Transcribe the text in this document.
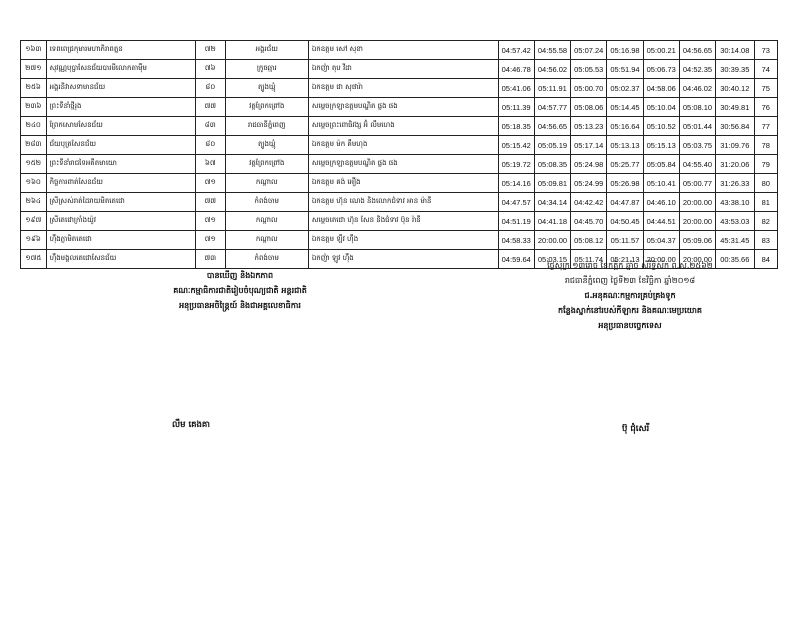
១៦៣	ទេពពេជ្រកុមារមហាភិរាពត្នន	៧២	អង្គរជ័យ	ឯកឧត្តម សៅ សុខា	04:57.42	04:55.58	05:07.24	05:16.98	05:00.21	04:56.65	30:14.08	73
២៧១	សុវណ្ណបុប្ផាសែនជ័យបារមីលោកតាម៉ឹម	៧៦	ក្រូចឆ្មារ	ឯកញ៉ា តុប វីដា	04:46.78	04:56.02	05:05.53	05:51.94	05:06.73	04:52.35	30:39.35	74
២៥៦	អង្គរនិវាសទាមានជ័យ	៨០	ត្បូងឃ្មុំ	ឯកឧត្តម ជា សុផារ៉ា	05:41.06	05:11.91	05:00.70	05:02.37	04:58.06	04:46.02	30:40.12	75
២៣៦	ព្រះទីនាំថ្មីរុង	៧៧	វត្តព្រែកព្រៅង	សម្តេចក្រឡាឧត្តមបណ្ឌិត ផ្លង ផង	05:11.39	04:57.77	05:08.06	05:14.45	05:10.04	05:08.10	30:49.81	76
២៤០	ព្រែកសោមសែនជ័យ	៨៣	រាជធានីភ្នំពេញ	សម្តេចព្រះពោធិវង្ស អ៊ំ លឹមហេង	05:18.35	04:56.65	05:13.23	05:16.64	05:10.52	05:01.44	30:56.84	77
២៨៣	ជ័យបុត្រសែនជ័យ	៨០	ត្បូងឃ្មុំ	ឯកឧត្តម ម៉ក គឹមហុង	05:15.42	05:05.19	05:17.14	05:13.13	05:15.13	05:03.75	31:09.76	78
១៥២	ព្រះទីនាំរាជទៃអតីតមាយោ	៦៧	វត្តព្រែកព្រៅង	សម្តេចក្រឡាឧត្តមបណ្ឌិត ផ្លង ផង	05:19.72	05:08.35	05:24.98	05:25.77	05:05.84	04:55.40	31:20.06	79
១៦០	កិច្ចការពាត់សែនជ័យ	៧១	កណ្តាល	ឯកឧត្តម គង់ អឿង	05:14.16	05:09.81	05:24.99	05:26.98	05:10.41	05:00.77	31:26.33	80
២៦៤	ស្រីស្រស់រាត់ដៃរាយមិតតេជោ	៧៧	កំពង់ចាម	ឯកឧត្តម ហ៊ុន ណេង និងលោកជំទាវ អាន ម៉ានី	04:47.57	04:34.14	04:42.42	04:47.87	04:46.10	20:00.00	43:38.10	81
១៩៧	ស្រីតេជោក្រាំងយ៉ូវ	៧១	កណ្តាល	សម្តេចតេជោ ហ៊ុន សែន និងជំទាវ ប៊ុន រ៉ានី	04:51.19	04:41.18	04:45.70	04:50.45	04:44.51	20:00.00	43:53.03	82
១៩៦	ហ៊ឹងភ្លាមិតតេជោ	៧១	កណ្តាល	ឯកឧត្តម ឡឹវ ហ៊ឹង	04:58.33	20:00.00	05:08.12	05:11.57	05:04.37	05:09.06	45:31.45	83
១៧៥	ហ៊ឹងមង្គលតេជោសែនជ័យ	៧៣	កំពង់ចាម	ឯកញ៉ា ឡូវ ហ៊ឹង	04:59.64	05:03.15	05:11.74	05:21.13	20:00.00	20:00.00	00:35.66	84
បានឃើញ និងឯកភាព
គណៈកម្មាធិការជាតិរៀបចំបុណ្យជាតិ អន្តរជាតិ
អនុប្រធានអចិន្ត្រៃយ៍ និងជាអគ្គលេខាធិការ
ថ្ងៃសុក្រ ១៣រោច ខែកត្តិក ឆ្នាំច សំរឹទ្ធិស័ក ព.ស.២៥៦២
រាជធានីភ្នំពេញ ថ្ងៃទី២៣ ខែវិច្ឆិកា ឆ្នាំ២០១៨
ជ.អនុគណៈកម្មការគ្រប់គ្រងទូក
កន្លែងស្នាក់នៅរបស់កីឡាករ និងគណៈមេប្រយោគ
អនុប្រធានបច្ចេកទេស
លឹម គេងគា	ប៊ុ ជុំសេរី
